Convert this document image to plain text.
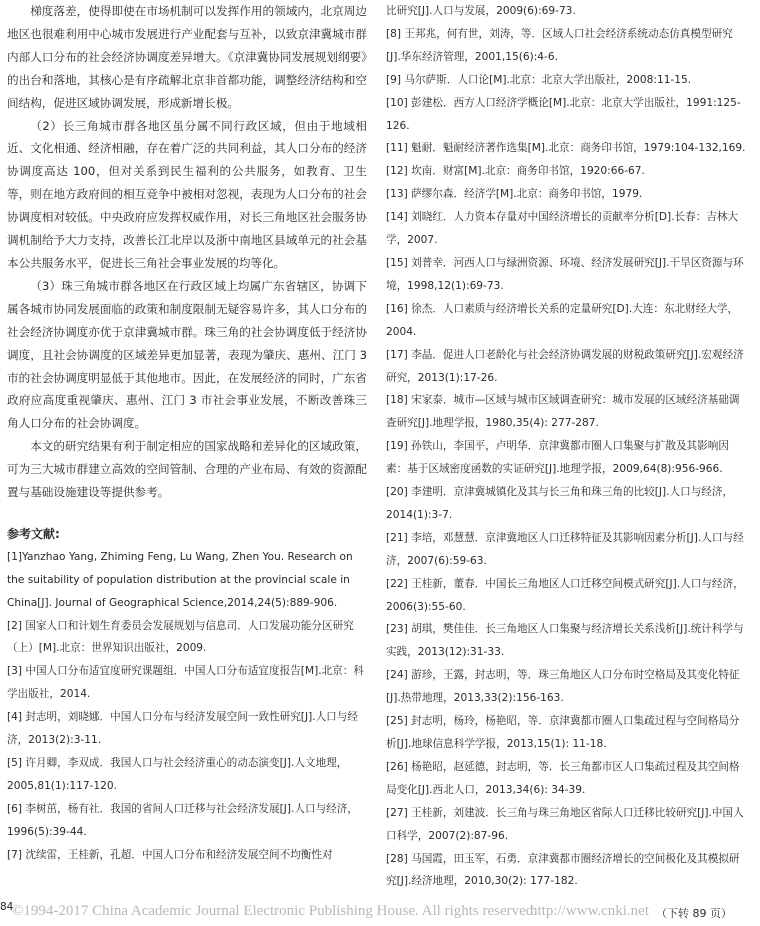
梯度落差，使得即使在市场机制可以发挥作用的领域内，北京周边地区也很难利用中心城市发展进行产业配套与互补，以致京津冀城市群内部人口分布的社会经济协调度差异增大。《京津冀协同发展规划纲要》的出台和落地，其核心是有序疏解北京非首都功能，调整经济结构和空间结构，促进区域协调发展，形成新增长极。

（2）长三角城市群各地区虽分属不同行政区域，但由于地域相近、文化相通、经济相融，存在着广泛的共同利益，其人口分布的经济协调度高达 100，但对关系到民生福利的公共服务，如教育、卫生等，则在地方政府间的相互竞争中被相对忽视，表现为人口分布的社会协调度相对较低。中央政府应发挥权威作用，对长三角地区社会服务协调机制给予大力支持，改善长江北岸以及浙中南地区县域单元的社会基本公共服务水平，促进长三角社会事业发展的均等化。

（3）珠三角城市群各地区在行政区域上均属广东省辖区，协调下属各城市协同发展面临的政策和制度限制无疑容易许多，其人口分布的社会经济协调度亦优于京津冀城市群。珠三角的社会协调度低于经济协调度，且社会协调度的区域差异更加显著，表现为肇庆、惠州、江门 3 市的社会协调度明显低于其他地市。因此，在发展经济的同时，广东省政府应高度重视肇庆、惠州、江门 3 市社会事业发展，不断改善珠三角人口分布的社会协调度。

本文的研究结果有利于制定相应的国家战略和差异化的区域政策，可为三大城市群建立高效的空间管制、合理的产业布局、有效的资源配置与基础设施建设等提供参考。

参考文献:

[1]Yanzhao Yang, Zhiming Feng, Lu Wang, Zhen You. Research on the suitability of population distribution at the provincial scale in China[J]. Journal of Geographical Science,2014,24(5):889-906.

[2] 国家人口和计划生育委员会发展规划与信息司．人口发展功能分区研究（上）[M].北京：世界知识出版社，2009.

[3] 中国人口分布适宜度研究课题组．中国人口分布适宜度报告[M].北京：科学出版社，2014.

[4] 封志明，刘晓娜．中国人口分布与经济发展空间一致性研究[J].人口与经济，2013(2):3-11.

[5] 许月卿，李双成．我国人口与社会经济重心的动态演变[J].人文地理，2005,81(1):117-120.

[6] 李树茁，杨有社．我国的省间人口迁移与社会经济发展[J].人口与经济，1996(5):39-44.

[7] 沈续雷，王桂新，孔超．中国人口分布和经济发展空间不均衡性对

比研究[J].人口与发展，2009(6):69-73.

[8] 王邦兆，何有世，刘涛，等．区域人口社会经济系统动态仿真模型研究[J].华东经济管理，2001,15(6):4-6.

[9] 马尔萨斯．人口论[M].北京：北京大学出版社，2008:11-15.

[10] 彭建松．西方人口经济学概论[M].北京：北京大学出版社，1991:125-126.

[11] 魁耐．魁耐经济著作选集[M].北京：商务印书馆，1979:104-132,169.

[12] 坎南．财富[M].北京：商务印书馆，1920:66-67.

[13] 萨缪尔森．经济学[M].北京：商务印书馆，1979.

[14] 刘晓红．人力资本存量对中国经济增长的贡献率分析[D].长春：吉林大学，2007.

[15] 刘普幸．河西人口与绿洲资源、环境、经济发展研究[J].干旱区资源与环境，1998,12(1):69-73.

[16] 徐杰．人口素质与经济增长关系的定量研究[D].大连：东北财经大学，2004.

[17] 李晶．促进人口老龄化与社会经济协调发展的财税政策研究[J].宏观经济研究，2013(1):17-26.

[18] 宋家泰．城市—区域与城市区域调查研究：城市发展的区域经济基础调查研究[J].地理学报，1980,35(4): 277-287.

[19] 孙铁山，李国平，卢明华．京津冀都市圈人口集聚与扩散及其影响因素：基于区域密度函数的实证研究[J].地理学报，2009,64(8):956-966.

[20] 李建明．京津冀城镇化及其与长三角和珠三角的比较[J].人口与经济，2014(1):3-7.

[21] 李培，邓慧慧．京津冀地区人口迁移特征及其影响因素分析[J].人口与经济，2007(6):59-63.

[22] 王桂新，董春．中国长三角地区人口迁移空间模式研究[J].人口与经济，2006(3):55-60.

[23] 胡琪，樊佳佳．长三角地区人口集聚与经济增长关系浅析[J].统计科学与实践，2013(12):31-33.

[24] 游珍，王露，封志明，等．珠三角地区人口分布时空格局及其变化特征[J].热带地理，2013,33(2):156-163.

[25] 封志明，杨玲，杨艳昭，等．京津冀都市圈人口集疏过程与空间格局分析[J].地球信息科学学报，2013,15(1): 11-18.

[26] 杨艳昭，赵延德，封志明，等．长三角都市区人口集疏过程及其空间格局变化[J].西北人口，2013,34(6): 34-39.

[27] 王桂新，刘建波．长三角与珠三角地区省际人口迁移比较研究[J].中国人口科学，2007(2):87-96.

[28] 马国霞，田玉军，石勇．京津冀都市圈经济增长的空间极化及其模拟研究[J].经济地理，2010,30(2): 177-182.

（下转 89 页）
84
©1994-2017 China Academic Journal Electronic Publishing House. All rights reserved.
http://www.cnki.net
